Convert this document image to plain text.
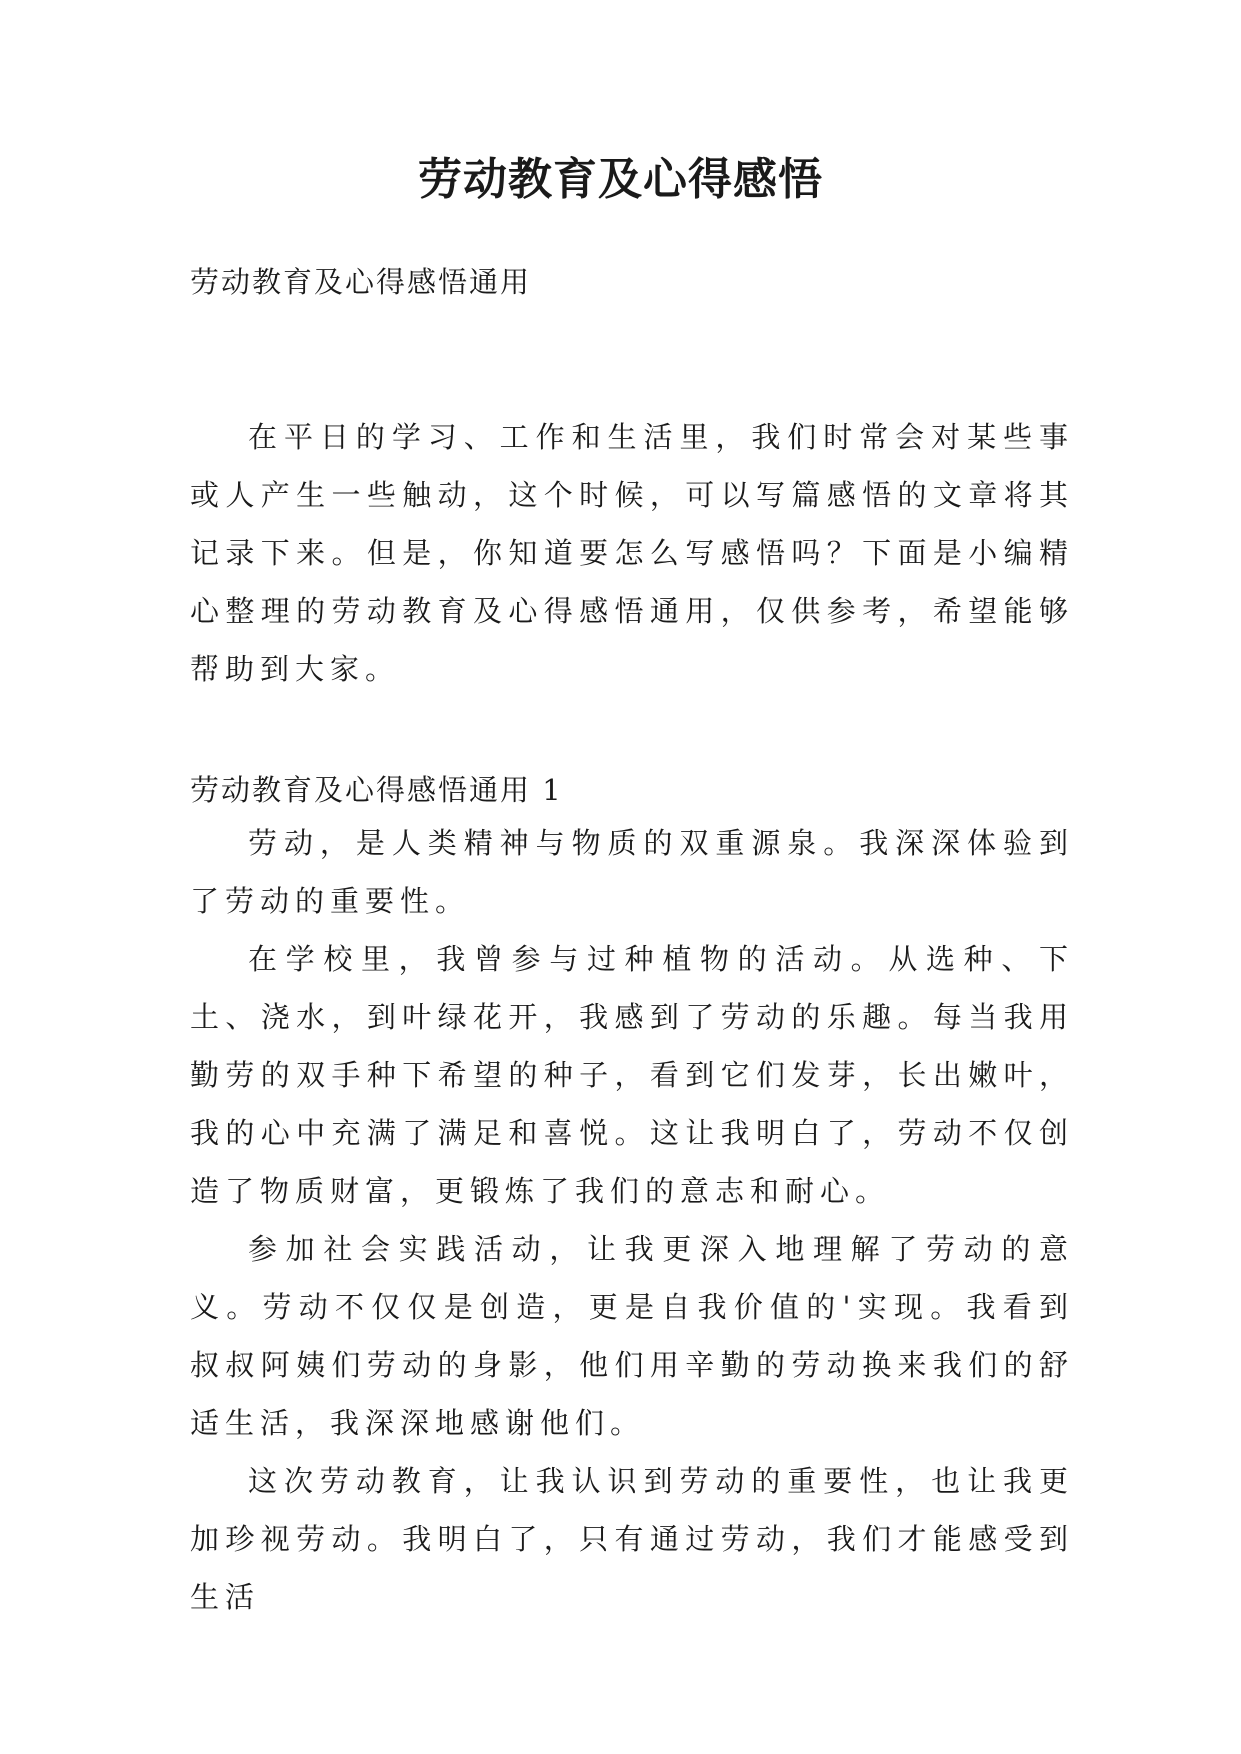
劳动教育及心得感悟
劳动教育及心得感悟通用

在平日的学习、工作和生活里，我们时常会对某些事或人产生一些触动，这个时候，可以写篇感悟的文章将其记录下来。但是，你知道要怎么写感悟吗？下面是小编精心整理的劳动教育及心得感悟通用，仅供参考，希望能够帮助到大家。

劳动教育及心得感悟通用 1

劳动，是人类精神与物质的双重源泉。我深深体验到了劳动的重要性。

在学校里，我曾参与过种植物的活动。从选种、下土、浇水，到叶绿花开，我感到了劳动的乐趣。每当我用勤劳的双手种下希望的种子，看到它们发芽，长出嫩叶，我的心中充满了满足和喜悦。这让我明白了，劳动不仅创造了物质财富，更锻炼了我们的意志和耐心。

参加社会实践活动，让我更深入地理解了劳动的意义。劳动不仅仅是创造，更是自我价值的'实现。我看到叔叔阿姨们劳动的身影，他们用辛勤的劳动换来我们的舒适生活，我深深地感谢他们。

这次劳动教育，让我认识到劳动的重要性，也让我更加珍视劳动。我明白了，只有通过劳动，我们才能感受到生活
